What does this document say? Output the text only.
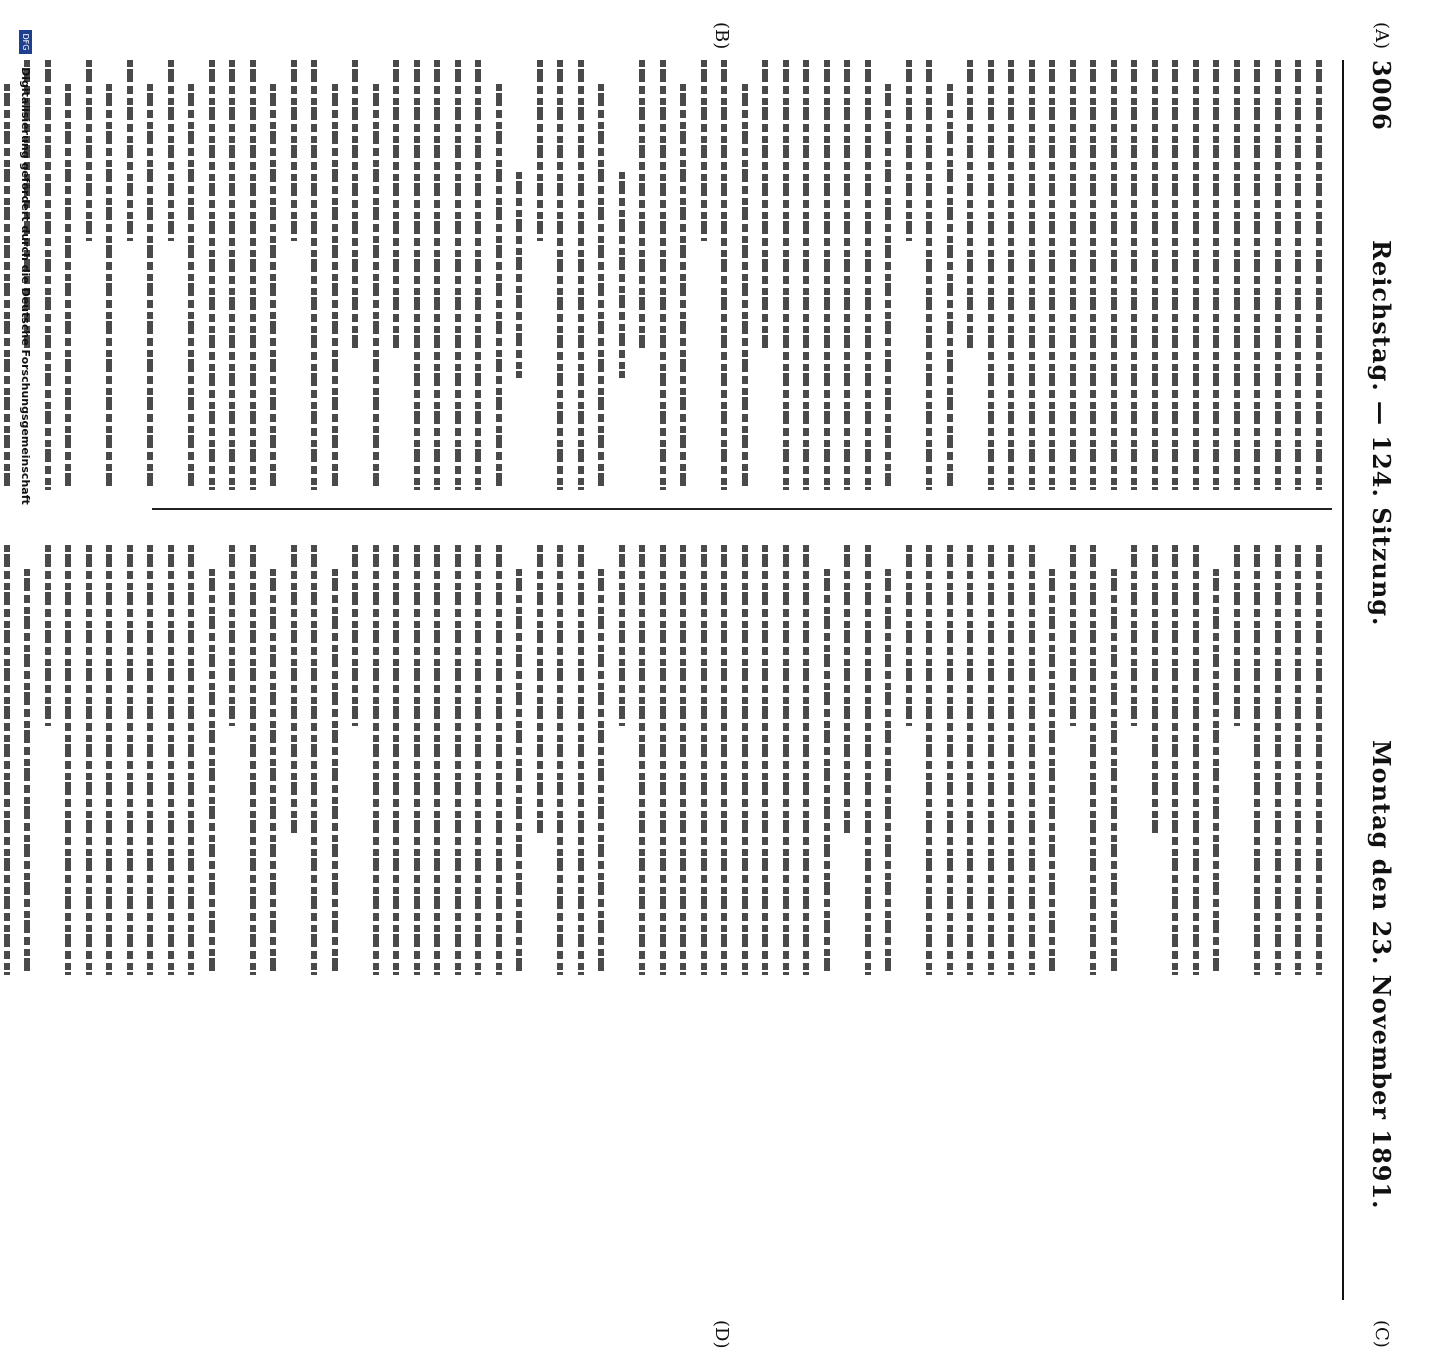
3006
Reichstag. — 124. Sitzung.
Montag den 23. November 1891.
(A)
(B)
(C)
(D)
DFG Digitalisierung gefördert durch die Deutsche Forschungsgemeinschaft
